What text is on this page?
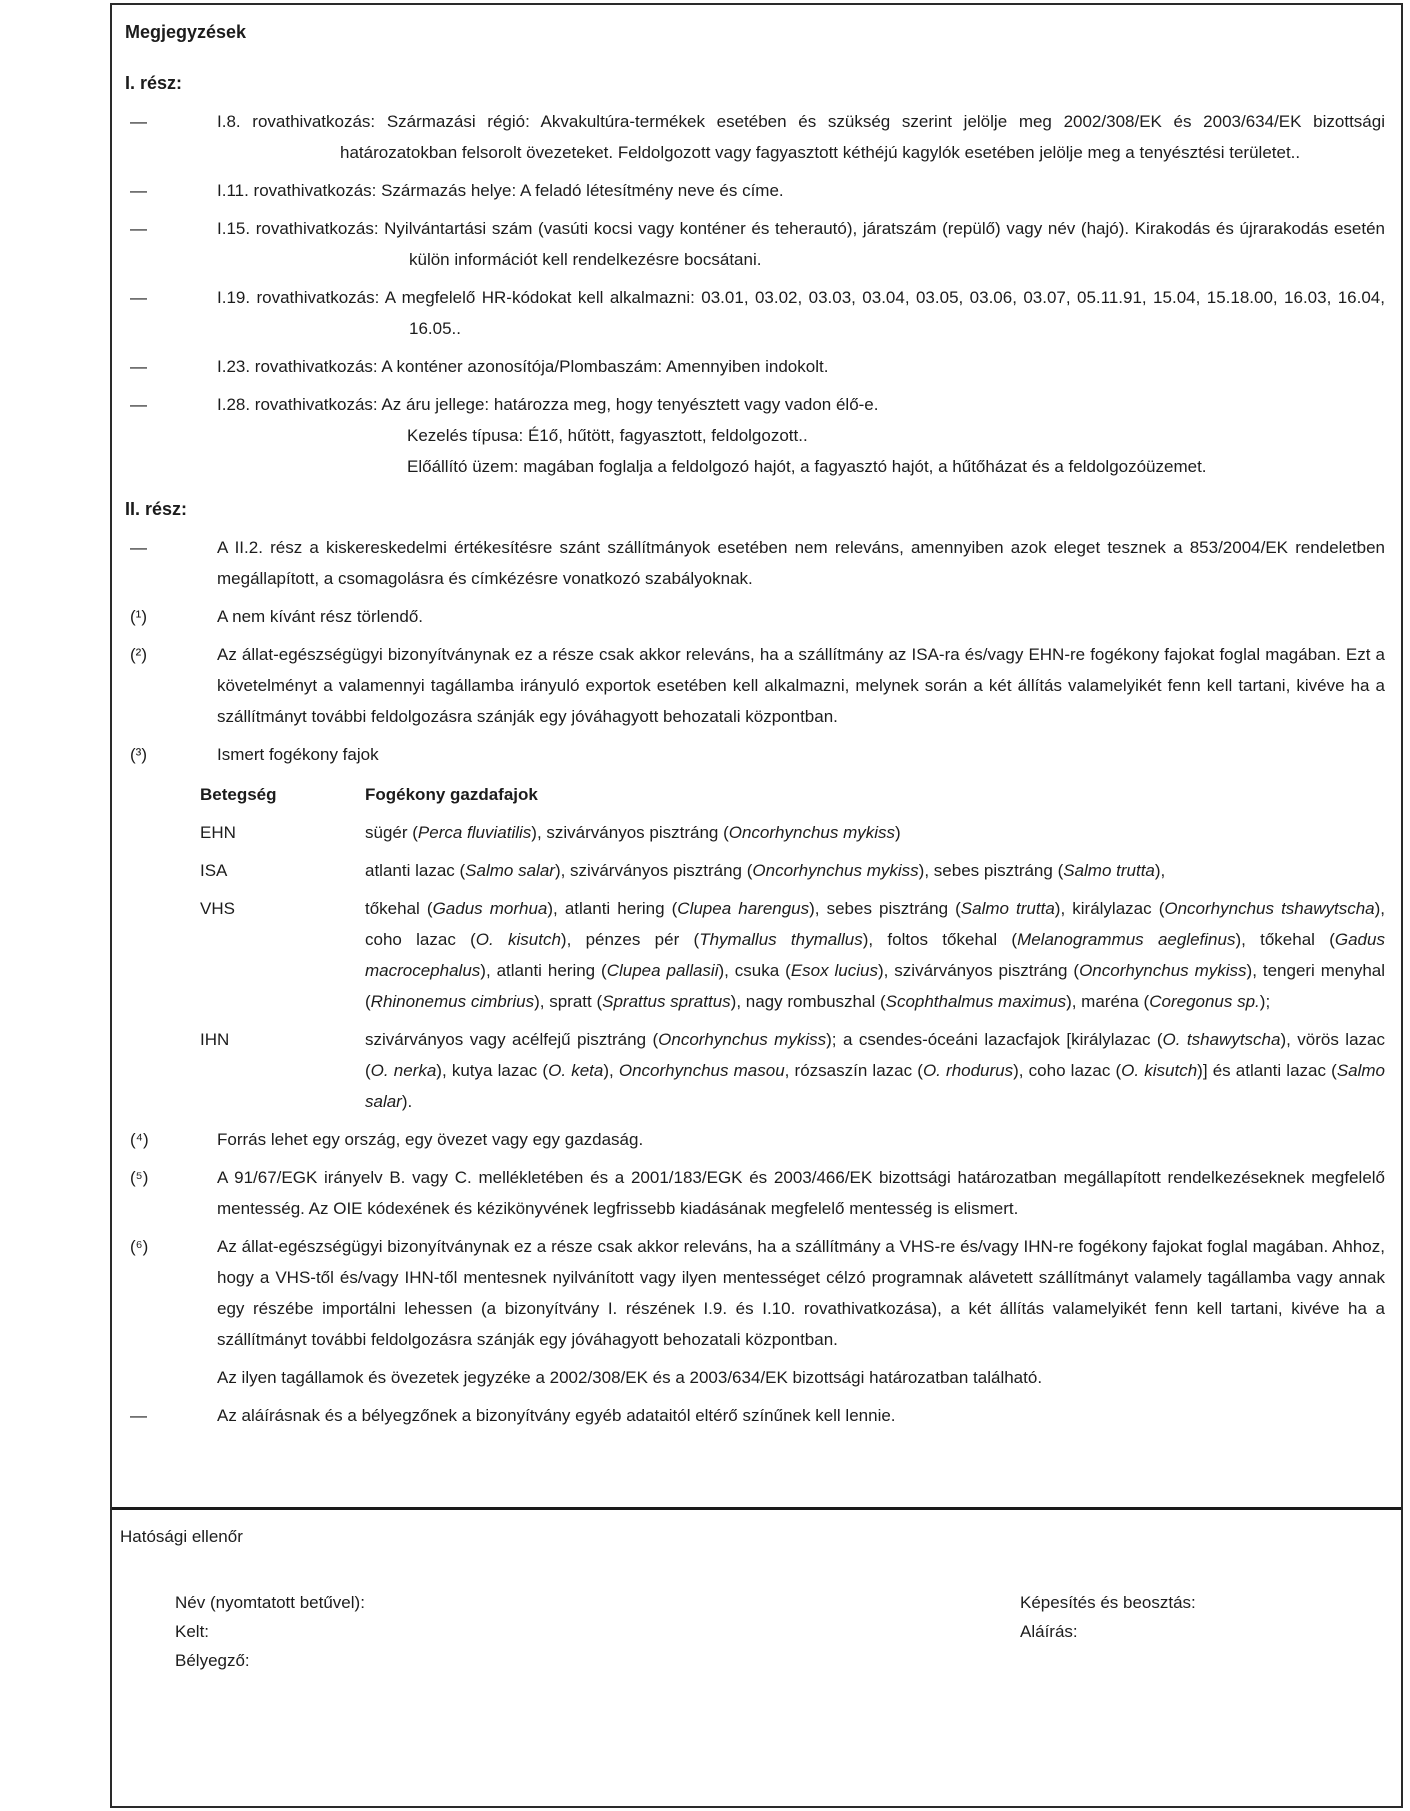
Megjegyzések
I. rész:
—	I.8. rovathivatkozás: Származási régió: Akvakultúra-termékek esetében és szükség szerint jelölje meg 2002/308/EK és 2003/634/EK bizottsági határozatokban felsorolt övezeteket. Feldolgozott vagy fagyasztott kéthéjú kagylók esetében jelölje meg a tenyésztési területet..
—	I.11. rovathivatkozás: Származás helye: A feladó létesítmény neve és címe.
—	I.15. rovathivatkozás: Nyilvántartási szám (vasúti kocsi vagy konténer és teherautó), járatszám (repülő) vagy név (hajó). Kirakodás és újrarakodás esetén külön információt kell rendelkezésre bocsátani.
—	I.19. rovathivatkozás: A megfelelő HR-kódokat kell alkalmazni: 03.01, 03.02, 03.03, 03.04, 03.05, 03.06, 03.07, 05.11.91, 15.04, 15.18.00, 16.03, 16.04, 16.05..
—	I.23. rovathivatkozás: A konténer azonosítója/Plombaszám: Amennyiben indokolt.
—	I.28. rovathivatkozás: Az áru jellege: határozza meg, hogy tenyésztett vagy vadon élő-e.
Kezelés típusa: É1ő, hűtött, fagyasztott, feldolgozott..
Előállító üzem: magában foglalja a feldolgozó hajót, a fagyasztó hajót, a hűtőházat és a feldolgozóüzemet.
II. rész:
—	A II.2. rész a kiskereskedelmi értékesítésre szánt szállítmányok esetében nem releváns, amennyiben azok eleget tesznek a 853/2004/EK rendeletben megállapított, a csomagolásra és címkézésre vonatkozó szabályoknak.
(¹)	A nem kívánt rész törlendő.
(²)	Az állat-egészségügyi bizonyítványnak ez a része csak akkor releváns, ha a szállítmány az ISA-ra és/vagy EHN-re fogékony fajokat foglal magában. Ezt a követelményt a valamennyi tagállamba irányuló exportok esetében kell alkalmazni, melynek során a két állítás valamelyikét fenn kell tartani, kivéve ha a szállítmányt további feldolgozásra szánják egy jóváhagyott behozatali központban.
(³)	Ismert fogékony fajok
Betegség	Fogékony gazdafajok
EHN	sügér (Perca fluviatilis), szivárványos pisztráng (Oncorhynchus mykiss)
ISA	atlanti lazac (Salmo salar), szivárványos pisztráng (Oncorhynchus mykiss), sebes pisztráng (Salmo trutta),
VHS	tőkehal (Gadus morhua), atlanti hering (Clupea harengus), sebes pisztráng (Salmo trutta), királylazac (Oncorhynchus tshawytscha), coho lazac (O. kisutch), pénzes pér (Thymallus thymallus), foltos tőkehal (Melanogrammus aeglefinus), tőkehal (Gadus macrocephalus), atlanti hering (Clupea pallasii), csuka (Esox lucius), szivárványos pisztráng (Oncorhynchus mykiss), tengeri menyhal (Rhinonemus cimbrius), spratt (Sprattus sprattus), nagy rombuszhal (Scophthalmus maximus), maréna (Coregonus sp.);
IHN	szivárványos vagy acélfejű pisztráng (Oncorhynchus mykiss); a csendes-óceáni lazacfajok [királylazac (O. tshawytscha), vörös lazac (O. nerka), kutya lazac (O. keta), Oncorhynchus masou, rózsaszín lazac (O. rhodurus), coho lazac (O. kisutch)] és atlanti lazac (Salmo salar).
(⁴)	Forrás lehet egy ország, egy övezet vagy egy gazdaság.
(⁵)	A 91/67/EGK irányelv B. vagy C. mellékletében és a 2001/183/EGK és 2003/466/EK bizottsági határozatban megállapított rendelkezéseknek megfelelő mentesség. Az OIE kódexének és kézikönyvének legfrissebb kiadásának megfelelő mentesség is elismert.
(⁶)	Az állat-egészségügyi bizonyítványnak ez a része csak akkor releváns, ha a szállítmány a VHS-re és/vagy IHN-re fogékony fajokat foglal magában. Ahhoz, hogy a VHS-től és/vagy IHN-től mentesnek nyilvánított vagy ilyen mentességet célzó programnak alávetett szállítmányt valamely tagállamba vagy annak egy részébe importálni lehessen (a bizonyítvány I. részének I.9. és I.10. rovathivatkozása), a két állítás valamelyikét fenn kell tartani, kivéve ha a szállítmányt további feldolgozásra szánják egy jóváhagyott behozatali központban.
Az ilyen tagállamok és övezetek jegyzéke a 2002/308/EK és a 2003/634/EK bizottsági határozatban található.
—	Az aláírásnak és a bélyegzőnek a bizonyítvány egyéb adataitól eltérő színűnek kell lennie.
Hatósági ellenőr
Név (nyomtatott betűvel):	Képesítés és beosztás:
Kelt:	Aláírás:
Bélyegző:
